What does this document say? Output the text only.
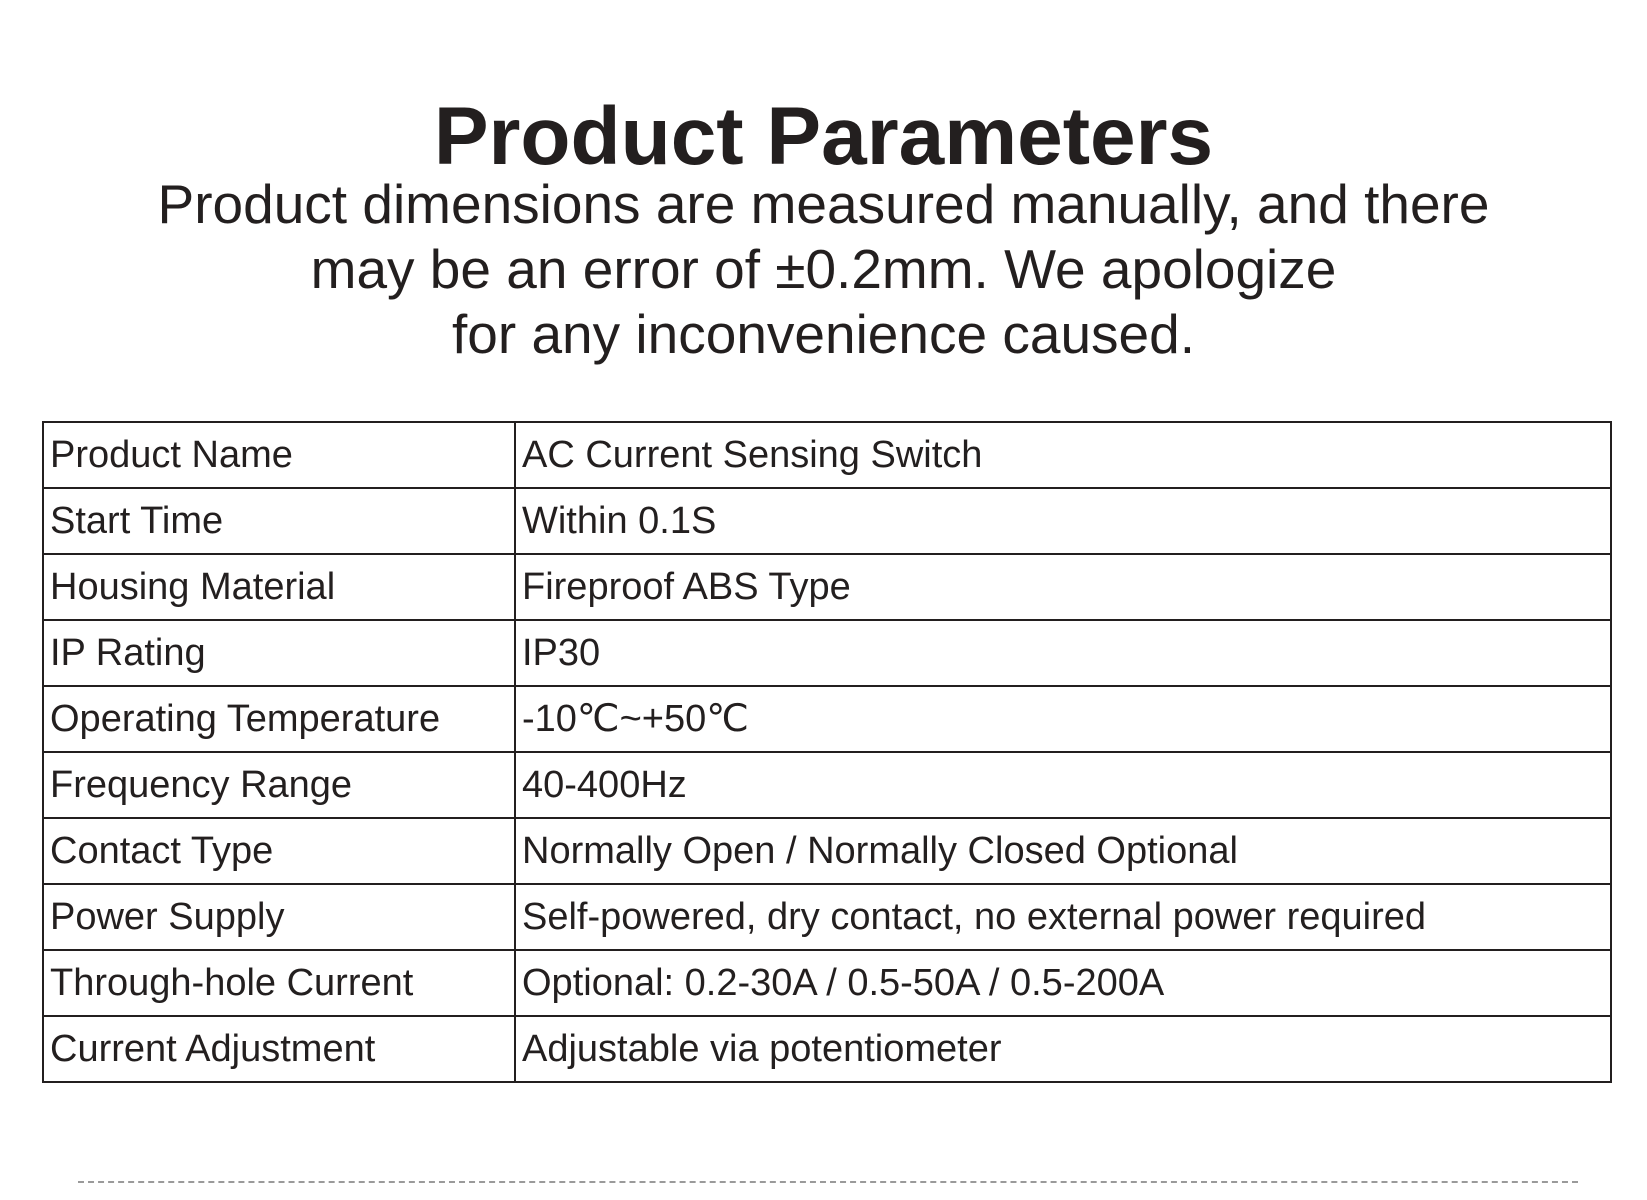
Product Parameters
Product dimensions are measured manually, and there
may be an error of ±0.2mm. We apologize
for any inconvenience caused.
Product Name	AC Current Sensing Switch
Start Time	Within 0.1S
Housing Material	Fireproof ABS Type
IP Rating	IP30
Operating Temperature	-10℃~+50℃
Frequency Range	40-400Hz
Contact Type	Normally Open / Normally Closed Optional
Power Supply	Self-powered, dry contact, no external power required
Through-hole Current	Optional: 0.2-30A / 0.5-50A / 0.5-200A
Current Adjustment	Adjustable via potentiometer
